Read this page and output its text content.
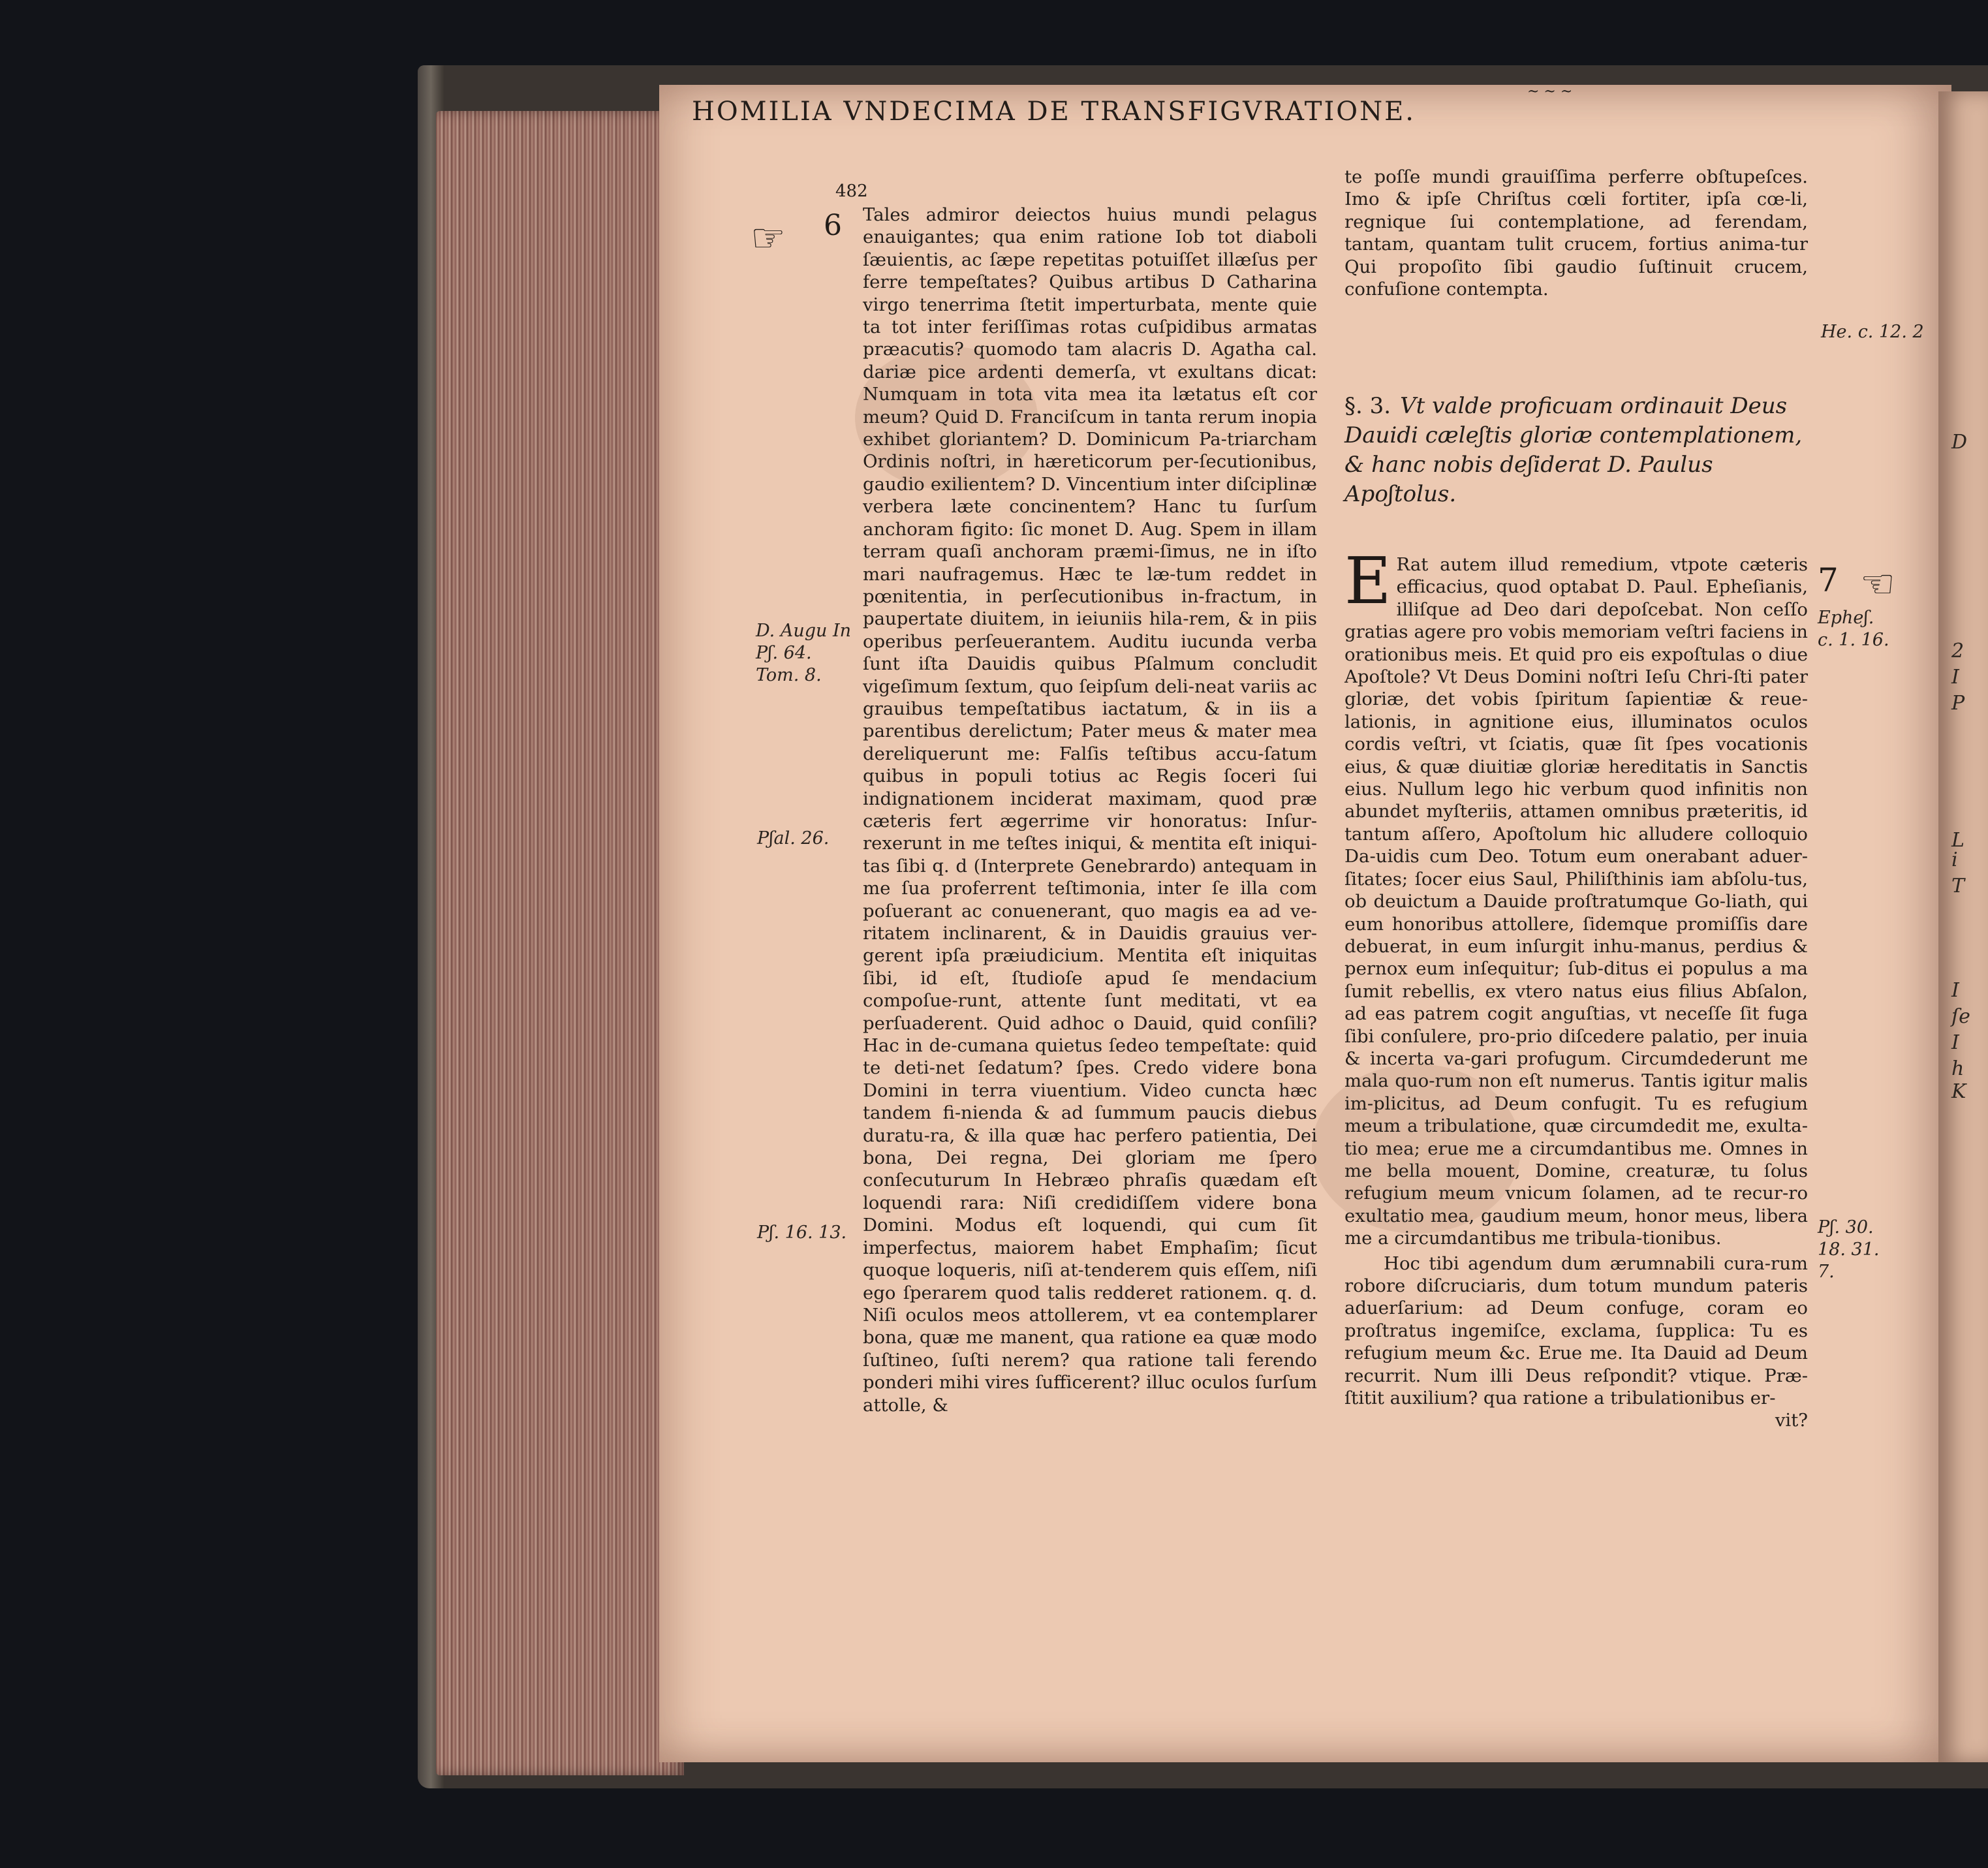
D
2
I
P
L
i
T
I
ſe
I
h
K
HOMILIA VNDECIMA DE TRANSFIGVRATIONE.
482
~ ~ ~
☞ 6
D. Augu In Pʃ. 64. Tom. 8.
Pʃal. 26.
Pʃ. 16. 13.
He. c. 12. 2
7 ☞
Epheʃ. c. 1. 16.
Pʃ. 30. 18. 31. 7.

Tales admiror deiectos huius mundi pelagus enauigantes; qua enim ratione Iob tot diaboli ſæuientis, ac ſæpe repetitas potuiſſet illæſus per ferre tempeſtates? Quibus artibus D Catharina virgo tenerrima ſtetit imperturbata, mente quie ta tot inter feriſſimas rotas cuſpidibus armatas præacutis? quomodo tam alacris D. Agatha cal. dariæ pice ardenti demerſa, vt exultans dicat: Numquam in tota vita mea ita lætatus eſt cor meum? Quid D. Franciſcum in tanta rerum inopia exhibet gloriantem? D. Dominicum Pa-triarcham Ordinis noſtri, in hæreticorum per-ſecutionibus, gaudio exilientem? D. Vincentium inter diſciplinæ verbera læte concinentem? Hanc tu ſurſum anchoram figito: ſic monet D. Aug. Spem in illam terram quaſi anchoram præmi-ſimus, ne in iſto mari naufragemus. Hæc te læ-tum reddet in pœnitentia, in perſecutionibus in-fractum, in paupertate diuitem, in ieiuniis hila-rem, & in piis operibus perſeuerantem. Auditu iucunda verba ſunt iſta Dauidis quibus Pſalmum concludit vigeſimum ſextum, quo ſeipſum deli-neat variis ac grauibus tempeſtatibus iactatum, & in iis a parentibus derelictum; Pater meus & mater mea dereliquerunt me: Falſis teſtibus accu-ſatum quibus in populi totius ac Regis ſoceri ſui indignationem inciderat maximam, quod præ cæteris fert ægerrime vir honoratus: Inſur-rexerunt in me teſtes iniqui, & mentita eſt iniqui-tas ſibi q. d (Interprete Genebrardo) antequam in me ſua proferrent teſtimonia, inter ſe illa com poſuerant ac conuenerant, quo magis ea ad ve-ritatem inclinarent, & in Dauidis grauius ver-gerent ipſa præiudicium. Mentita eſt iniquitas ſibi, id eſt, ſtudioſe apud ſe mendacium compoſue-runt, attente ſunt meditati, vt ea perſuaderent. Quid adhoc o Dauid, quid conſili? Hac in de-cumana quietus ſedeo tempeſtate: quid te deti-net ſedatum? ſpes. Credo videre bona Domini in terra viuentium. Video cuncta hæc tandem fi-nienda & ad ſummum paucis diebus duratu-ra, & illa quæ hac perfero patientia, Dei bona, Dei regna, Dei gloriam me ſpero conſecuturum In Hebræo phraſis quædam eſt loquendi rara: Niſi credidiſſem videre bona Domini. Modus eſt loquendi, qui cum ſit imperfectus, maiorem habet Emphaſim; ſicut quoque loqueris, niſi at-tenderem quis eſſem, niſi ego ſperarem quod talis redderet rationem. q. d. Niſi oculos meos attollerem, vt ea contemplarer bona, quæ me manent, qua ratione ea quæ modo ſuſtineo, ſuſti nerem? qua ratione tali ferendo ponderi mihi vires ſufficerent? illuc oculos ſurſum attolle, &

te poſſe mundi grauiſſima perferre obſtupeſces. Imo & ipſe Chriſtus cœli fortiter, ipſa cœ-li, regnique ſui contemplatione, ad ferendam, tantam, quantam tulit crucem, fortius anima-tur Qui propoſito ſibi gaudio ſuſtinuit crucem, confuſione contempta.
§. 3. Vt valde proficuam ordinauit Deus Dauidi cæleʃtis gloriæ contemplationem, & hanc nobis deʃiderat D. Paulus Apoʃtolus.
E Rat autem illud remedium, vtpote cæteris efficacius, quod optabat D. Paul. Epheſianis, illiſque ad Deo dari depoſcebat. Non ceſſo gratias agere pro vobis memoriam veſtri faciens in orationibus meis. Et quid pro eis expoſtulas o diue Apoſtole? Vt Deus Domini noſtri Ieſu Chri-ſti pater gloriæ, det vobis ſpiritum ſapientiæ & reue-lationis, in agnitione eius, illuminatos oculos cordis veſtri, vt ſciatis, quæ ſit ſpes vocationis eius, & quæ diuitiæ gloriæ hereditatis in Sanctis eius. Nullum lego hic verbum quod infinitis non abundet myſteriis, attamen omnibus præteritis, id tantum aſſero, Apoſtolum hic alludere colloquio Da-uidis cum Deo. Totum eum onerabant aduer-ſitates; ſocer eius Saul, Philiſthinis iam abſolu-tus, ob deuictum a Dauide proſtratumque Go-liath, qui eum honoribus attollere, ſidemque promiſſis dare debuerat, in eum inſurgit inhu-manus, perdius & pernox eum inſequitur; ſub-ditus ei populus a ma ſumit rebellis, ex vtero natus eius filius Abſalon, ad eas patrem cogit anguſtias, vt neceſſe ſit fuga ſibi conſulere, pro-prio diſcedere palatio, per inuia & incerta va-gari profugum. Circumdederunt me mala quo-rum non eſt numerus. Tantis igitur malis im-plicitus, ad Deum confugit. Tu es refugium meum a tribulatione, quæ circumdedit me, exulta-tio mea; erue me a circumdantibus me. Omnes in me bella mouent, Domine, creaturæ, tu ſolus refugium meum vnicum ſolamen, ad te recur-ro exultatio mea, gaudium meum, honor meus, libera me a circumdantibus me tribula-tionibus.

Hoc tibi agendum dum ærumnabili cura-rum robore diſcruciaris, dum totum mundum pateris aduerſarium: ad Deum confuge, coram eo proſtratus ingemiſce, exclama, ſupplica: Tu es refugium meum &c. Erue me. Ita Dauid ad Deum recurrit. Num illi Deus reſpondit? vtique. Præ-ſtitit auxilium? qua ratione a tribulationibus er-

vit?
